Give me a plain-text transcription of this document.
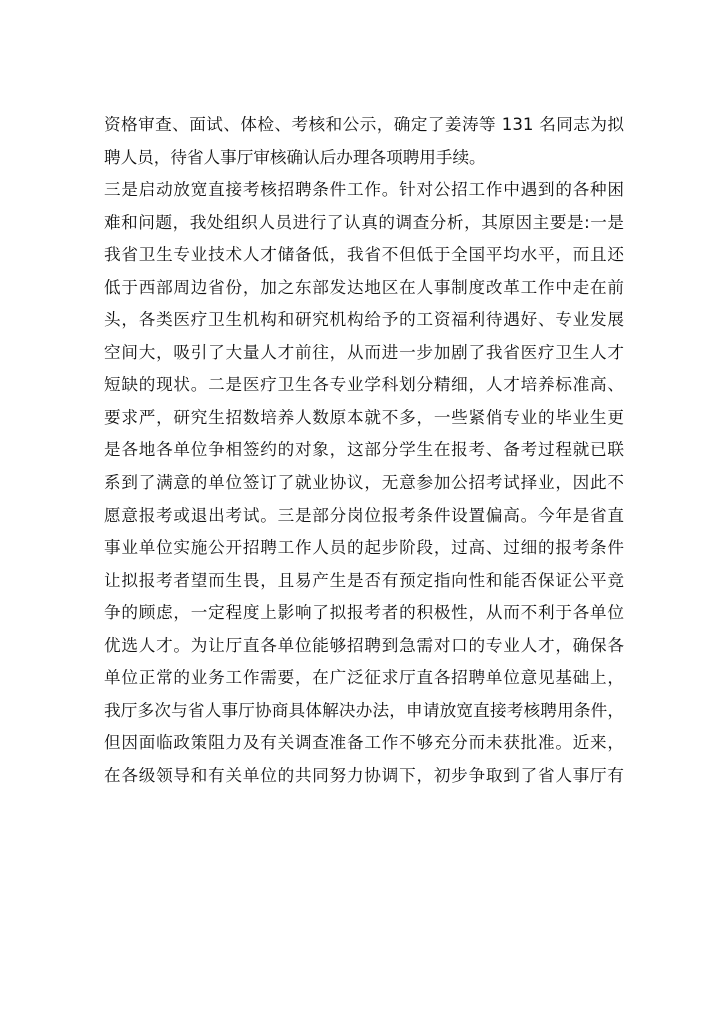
资格审查、面试、体检、考核和公示，确定了姜涛等 131 名同志为拟
聘人员，待省人事厅审核确认后办理各项聘用手续。
三是启动放宽直接考核招聘条件工作。针对公招工作中遇到的各种困
难和问题，我处组织人员进行了认真的调查分析，其原因主要是:一是
我省卫生专业技术人才储备低，我省不但低于全国平均水平，而且还
低于西部周边省份，加之东部发达地区在人事制度改革工作中走在前
头，各类医疗卫生机构和研究机构给予的工资福利待遇好、专业发展
空间大，吸引了大量人才前往，从而进一步加剧了我省医疗卫生人才
短缺的现状。二是医疗卫生各专业学科划分精细，人才培养标准高、
要求严，研究生招数培养人数原本就不多，一些紧俏专业的毕业生更
是各地各单位争相签约的对象，这部分学生在报考、备考过程就已联
系到了满意的单位签订了就业协议，无意参加公招考试择业，因此不
愿意报考或退出考试。三是部分岗位报考条件设置偏高。今年是省直
事业单位实施公开招聘工作人员的起步阶段，过高、过细的报考条件
让拟报考者望而生畏，且易产生是否有预定指向性和能否保证公平竞
争的顾虑，一定程度上影响了拟报考者的积极性，从而不利于各单位
优选人才。为让厅直各单位能够招聘到急需对口的专业人才，确保各
单位正常的业务工作需要，在广泛征求厅直各招聘单位意见基础上，
我厅多次与省人事厅协商具体解决办法，申请放宽直接考核聘用条件，
但因面临政策阻力及有关调查准备工作不够充分而未获批准。近来，
在各级领导和有关单位的共同努力协调下，初步争取到了省人事厅有
